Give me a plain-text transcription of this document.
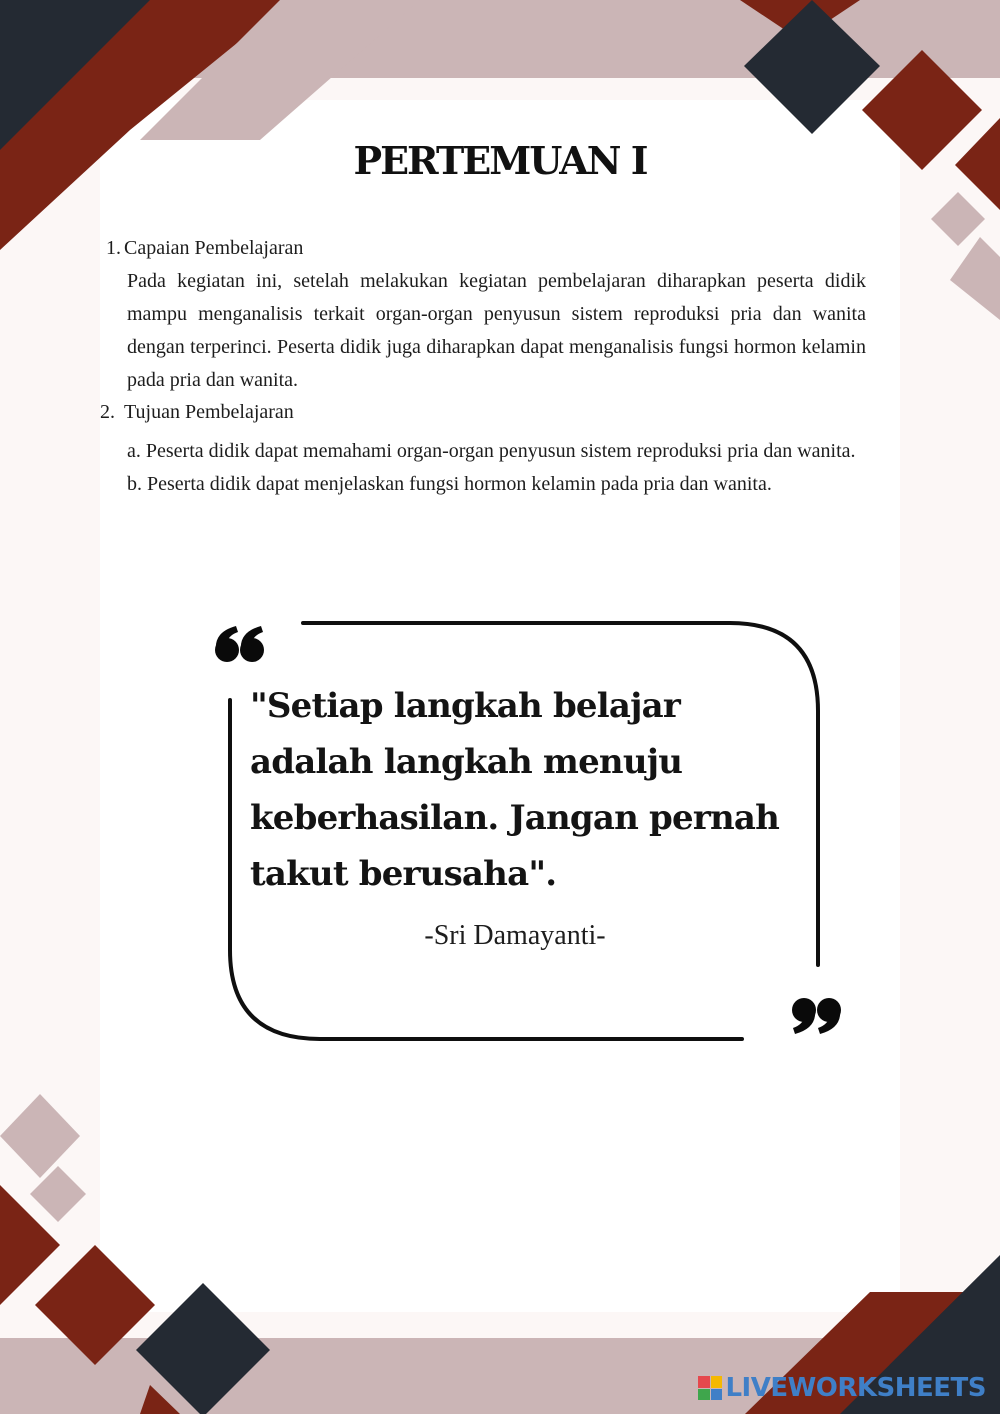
PERTEMUAN I
1. Capaian Pembelajaran

Pada kegiatan ini, setelah melakukan kegiatan pembelajaran diharapkan peserta didik mampu menganalisis terkait organ-organ penyusun sistem reproduksi pria dan wanita dengan terperinci. Peserta didik juga diharapkan dapat menganalisis fungsi hormon kelamin pada pria dan wanita.

2. Tujuan Pembelajaran

a. Peserta didik dapat memahami organ-organ penyusun sistem reproduksi pria dan wanita.

b. Peserta didik dapat menjelaskan fungsi hormon kelamin pada pria dan wanita.

"Setiap langkah belajar adalah langkah menuju keberhasilan. Jangan pernah takut berusaha".

-Sri Damayanti-
LIVEWORKSHEETS
